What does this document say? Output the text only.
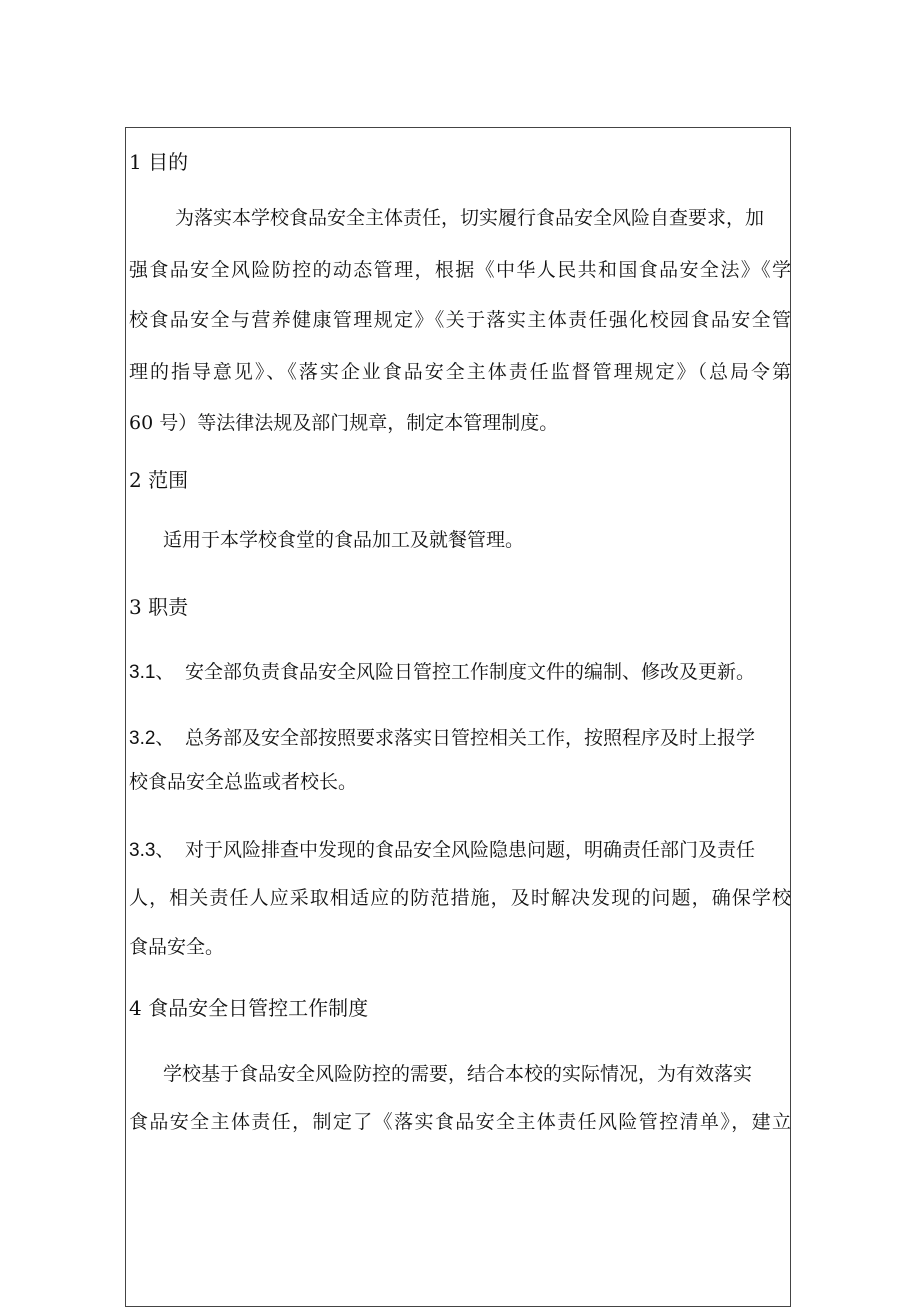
1 目的
为落实本学校食品安全主体责任，切实履行食品安全风险自查要求，加
强食品安全风险防控的动态管理，根据《中华人民共和国食品安全法》《学
校食品安全与营养健康管理规定》《关于落实主体责任强化校园食品安全管
理的指导意见》、《落实企业食品安全主体责任监督管理规定》（总局令第
60 号）等法律法规及部门规章，制定本管理制度。
2 范围
适用于本学校食堂的食品加工及就餐管理。
3 职责
3.1、 安全部负责食品安全风险日管控工作制度文件的编制、修改及更新。
3.2、 总务部及安全部按照要求落实日管控相关工作，按照程序及时上报学
校食品安全总监或者校长。
3.3、 对于风险排查中发现的食品安全风险隐患问题，明确责任部门及责任
人，相关责任人应采取相适应的防范措施，及时解决发现的问题，确保学校
食品安全。
4 食品安全日管控工作制度
学校基于食品安全风险防控的需要，结合本校的实际情况，为有效落实
食品安全主体责任，制定了《落实食品安全主体责任风险管控清单》，建立
